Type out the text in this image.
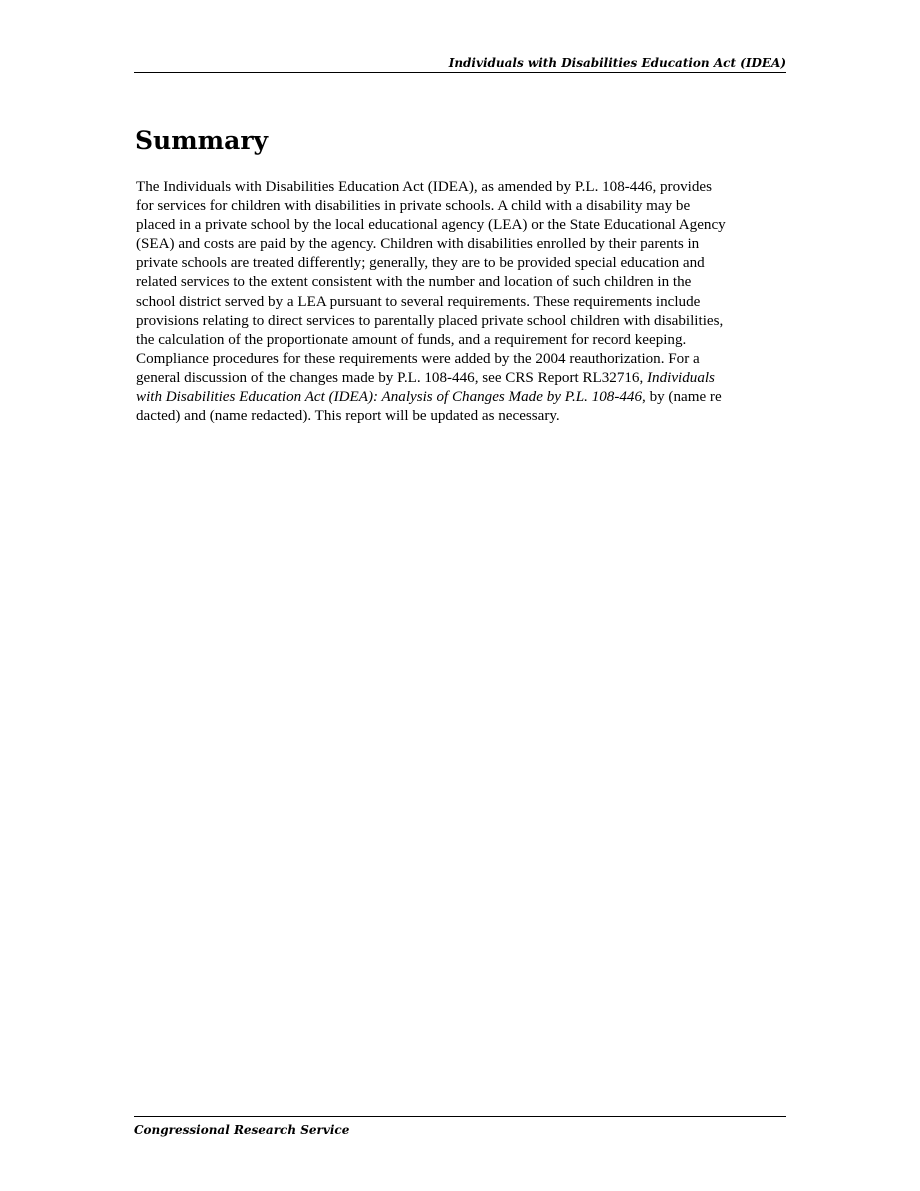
Individuals with Disabilities Education Act (IDEA)
Summary

The Individuals with Disabilities Education Act (IDEA), as amended by P.L. 108-446, provides
for services for children with disabilities in private schools. A child with a disability may be
placed in a private school by the local educational agency (LEA) or the State Educational Agency
(SEA) and costs are paid by the agency. Children with disabilities enrolled by their parents in
private schools are treated differently; generally, they are to be provided special education and
related services to the extent consistent with the number and location of such children in the
school district served by a LEA pursuant to several requirements. These requirements include
provisions relating to direct services to parentally placed private school children with disabilities,
the calculation of the proportionate amount of funds, and a requirement for record keeping.
Compliance procedures for these requirements were added by the 2004 reauthorization. For a
general discussion of the changes made by P.L. 108-446, see CRS Report RL32716, Individuals
with Disabilities Education Act (IDEA): Analysis of Changes Made by P.L. 108-446, by (name re
dacted) and (name redacted). This report will be updated as necessary.

Congressional Research Service
